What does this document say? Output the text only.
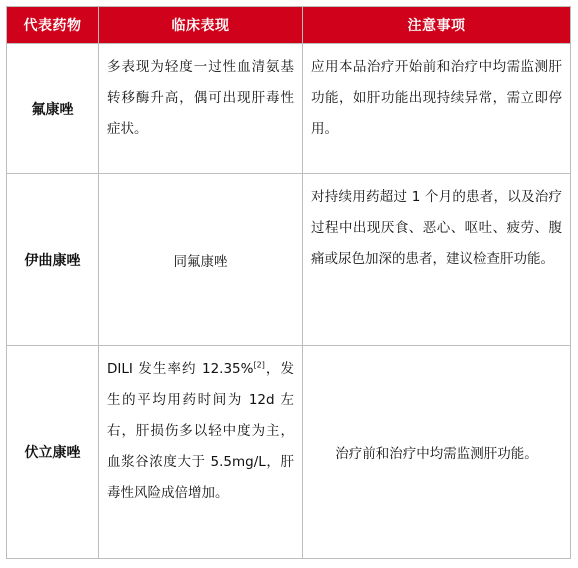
代表药物	临床表现	注意事项
氟康唑	多表现为轻度一过性血清氨基转移酶升高，偶可出现肝毒性症状。	应用本品治疗开始前和治疗中均需监测肝功能，如肝功能出现持续异常，需立即停用。
伊曲康唑	同氟康唑	对持续用药超过 1 个月的患者，以及治疗过程中出现厌食、恶心、呕吐、疲劳、腹痛或尿色加深的患者，建议检查肝功能。
伏立康唑	DILI 发生率约 12.35%[2]，发生的平均用药时间为 12d 左右，肝损伤多以轻中度为主，血浆谷浓度大于 5.5mg/L，肝毒性风险成倍增加。	治疗前和治疗中均需监测肝功能。
